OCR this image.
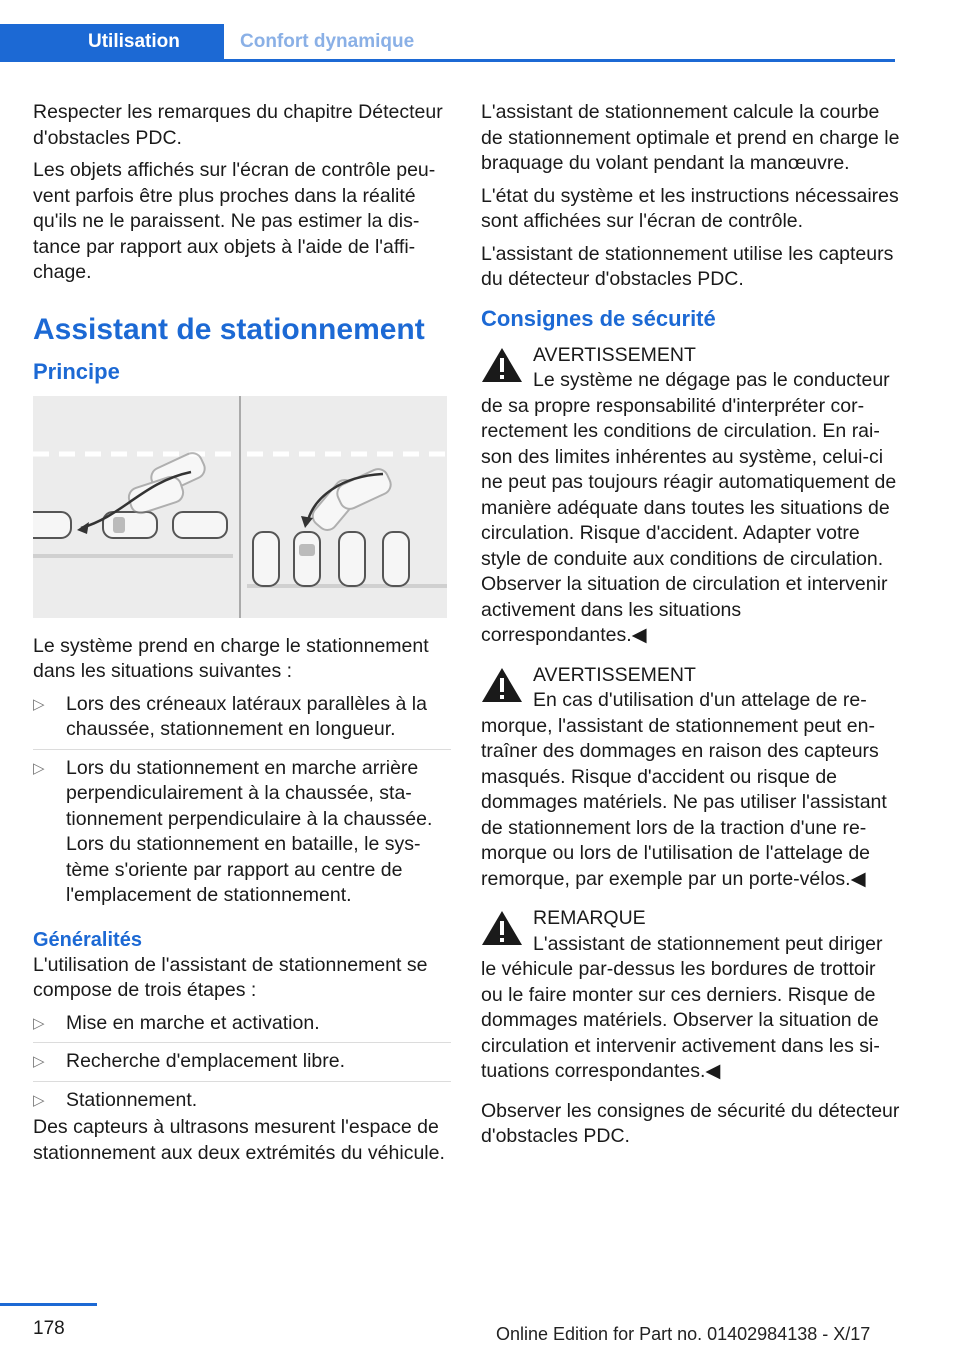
Utilisation	Confort dynamique

Respecter les remarques du chapitre Détecteur d'obstacles PDC.

Les objets affichés sur l'écran de contrôle peuvent parfois être plus proches dans la réalité qu'ils ne le paraissent. Ne pas estimer la distance par rapport aux objets à l'aide de l'affichage.

Assistant de stationnement
Principe

Le système prend en charge le stationnement dans les situations suivantes :

▷ Lors des créneaux latéraux parallèles à la chaussée, stationnement en longueur.
▷ Lors du stationnement en marche arrière perpendiculairement à la chaussée, stationnement perpendiculaire à la chaussée. Lors du stationnement en bataille, le système s'oriente par rapport au centre de l'emplacement de stationnement.
Généralités

L'utilisation de l'assistant de stationnement se compose de trois étapes :

▷ Mise en marche et activation.
▷ Recherche d'emplacement libre.
▷ Stationnement.

Des capteurs à ultrasons mesurent l'espace de stationnement aux deux extrémités du véhicule.

L'assistant de stationnement calcule la courbe de stationnement optimale et prend en charge le braquage du volant pendant la manœuvre.

L'état du système et les instructions nécessaires sont affichées sur l'écran de contrôle.

L'assistant de stationnement utilise les capteurs du détecteur d'obstacles PDC.

Consignes de sécurité
AVERTISSEMENT
Le système ne dégage pas le conducteur de sa propre responsabilité d'interpréter correctement les conditions de circulation. En raison des limites inhérentes au système, celui-ci ne peut pas toujours réagir automatiquement de manière adéquate dans toutes les situations de circulation. Risque d'accident. Adapter votre style de conduite aux conditions de circulation. Observer la situation de circulation et intervenir activement dans les situations correspondantes.◀
AVERTISSEMENT
En cas d'utilisation d'un attelage de remorque, l'assistant de stationnement peut entraîner des dommages en raison des capteurs masqués. Risque d'accident ou risque de dommages matériels. Ne pas utiliser l'assistant de stationnement lors de la traction d'une remorque ou lors de l'utilisation de l'attelage de remorque, par exemple par un porte-vélos.◀
REMARQUE
L'assistant de stationnement peut diriger le véhicule par-dessus les bordures de trottoir ou le faire monter sur ces derniers. Risque de dommages matériels. Observer la situation de circulation et intervenir activement dans les situations correspondantes.◀

Observer les consignes de sécurité du détecteur d'obstacles PDC.

178	Online Edition for Part no. 01402984138 - X/17
